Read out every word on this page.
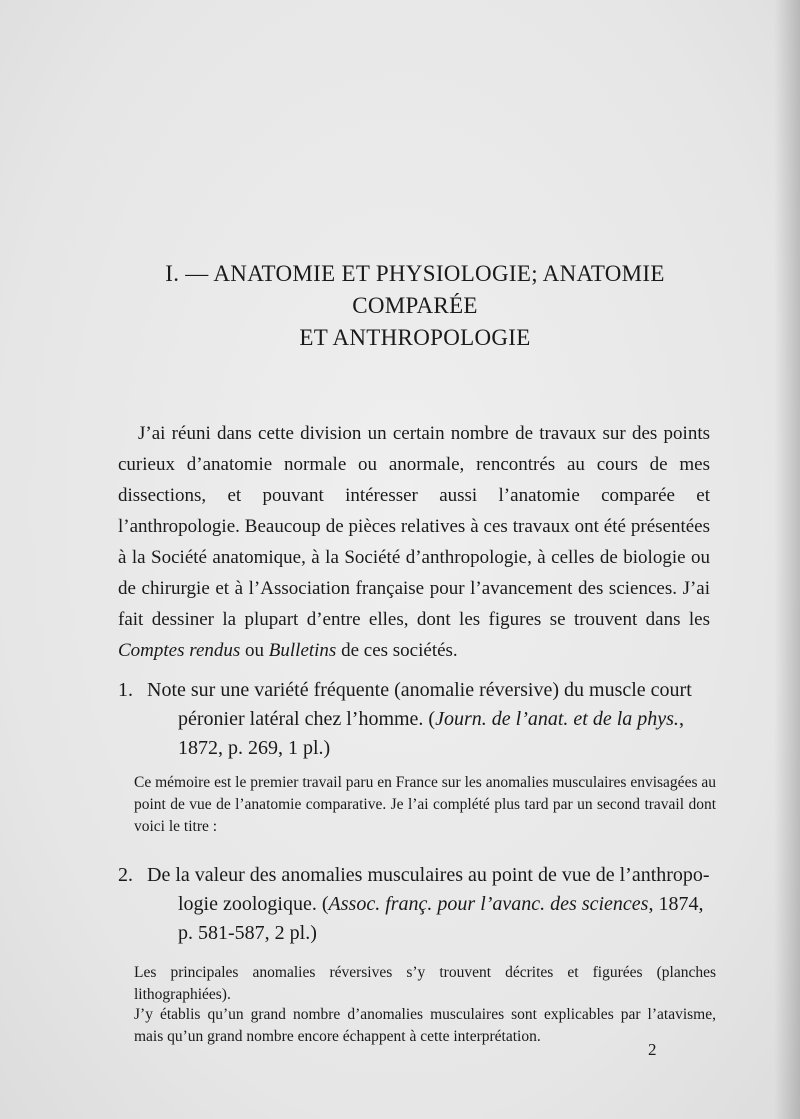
I. — ANATOMIE ET PHYSIOLOGIE; ANATOMIE COMPARÉE
ET ANTHROPOLOGIE

J’ai réuni dans cette division un certain nombre de travaux sur des points curieux d’anatomie normale ou anormale, rencontrés au cours de mes dissections, et pouvant intéresser aussi l’anatomie comparée et l’anthropologie. Beaucoup de pièces relatives à ces travaux ont été présentées à la Société anatomique, à la Société d’anthropologie, à celles de biologie ou de chirurgie et à l’Association française pour l’avancement des sciences. J’ai fait dessiner la plupart d’entre elles, dont les figures se trouvent dans les Comptes rendus ou Bulletins de ces sociétés.

1. Note sur une variété fréquente (anomalie réversive) du muscle court
péronier latéral chez l’homme. (Journ. de l’anat. et de la phys.,
1872, p. 269, 1 pl.)

Ce mémoire est le premier travail paru en France sur les anomalies musculaires envisagées au point de vue de l’anatomie comparative. Je l’ai complété plus tard par un second travail dont voici le titre :

2. De la valeur des anomalies musculaires au point de vue de l’anthropo-
logie zoologique. (Assoc. franç. pour l’avanc. des sciences, 1874,
p. 581-587, 2 pl.)

Les principales anomalies réversives s’y trouvent décrites et figurées (planches lithographiées).

J’y établis qu’un grand nombre d’anomalies musculaires sont explicables par l’atavisme, mais qu’un grand nombre encore échappent à cette interprétation.

2
